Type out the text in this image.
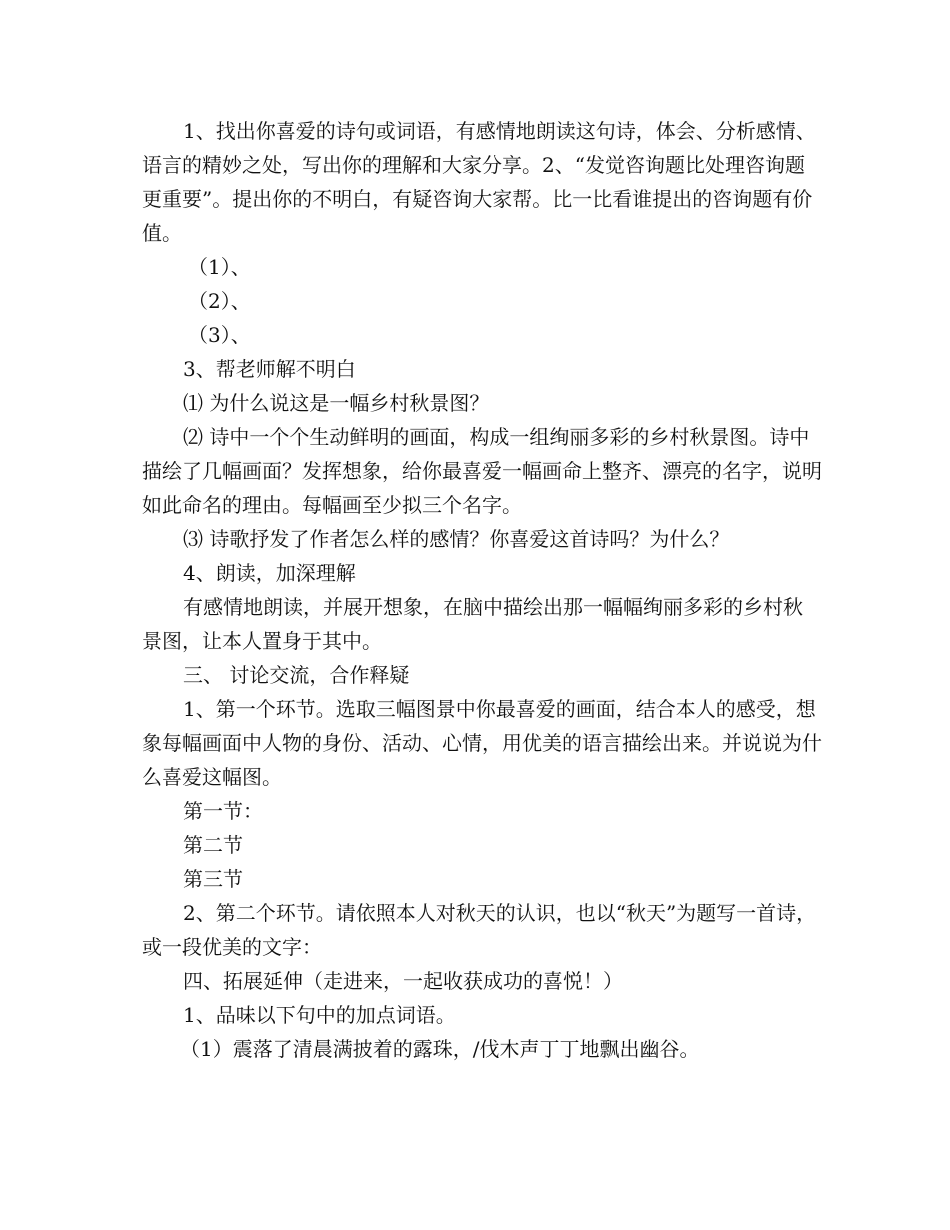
1、找出你喜爱的诗句或词语，有感情地朗读这句诗，体会、分析感情、语言的精妙之处，写出你的理解和大家分享。2、“发觉咨询题比处理咨询题更重要”。提出你的不明白，有疑咨询大家帮。比一比看谁提出的咨询题有价值。

（1）、

（2）、

（3）、

3、帮老师解不明白

⑴ 为什么说这是一幅乡村秋景图？

⑵ 诗中一个个生动鲜明的画面，构成一组绚丽多彩的乡村秋景图。诗中描绘了几幅画面？发挥想象，给你最喜爱一幅画命上整齐、漂亮的名字，说明如此命名的理由。每幅画至少拟三个名字。

⑶ 诗歌抒发了作者怎么样的感情？你喜爱这首诗吗？为什么？

4、朗读，加深理解

有感情地朗读，并展开想象，在脑中描绘出那一幅幅绚丽多彩的乡村秋景图，让本人置身于其中。

三、 讨论交流，合作释疑

1、第一个环节。选取三幅图景中你最喜爱的画面，结合本人的感受，想象每幅画面中人物的身份、活动、心情，用优美的语言描绘出来。并说说为什么喜爱这幅图。

第一节：

第二节

第三节

2、第二个环节。请依照本人对秋天的认识，也以“秋天”为题写一首诗，或一段优美的文字：

四、拓展延伸（走进来，一起收获成功的喜悦！）

1、品味以下句中的加点词语。

（1）震落了清晨满披着的露珠，/伐木声丁丁地飘出幽谷。
